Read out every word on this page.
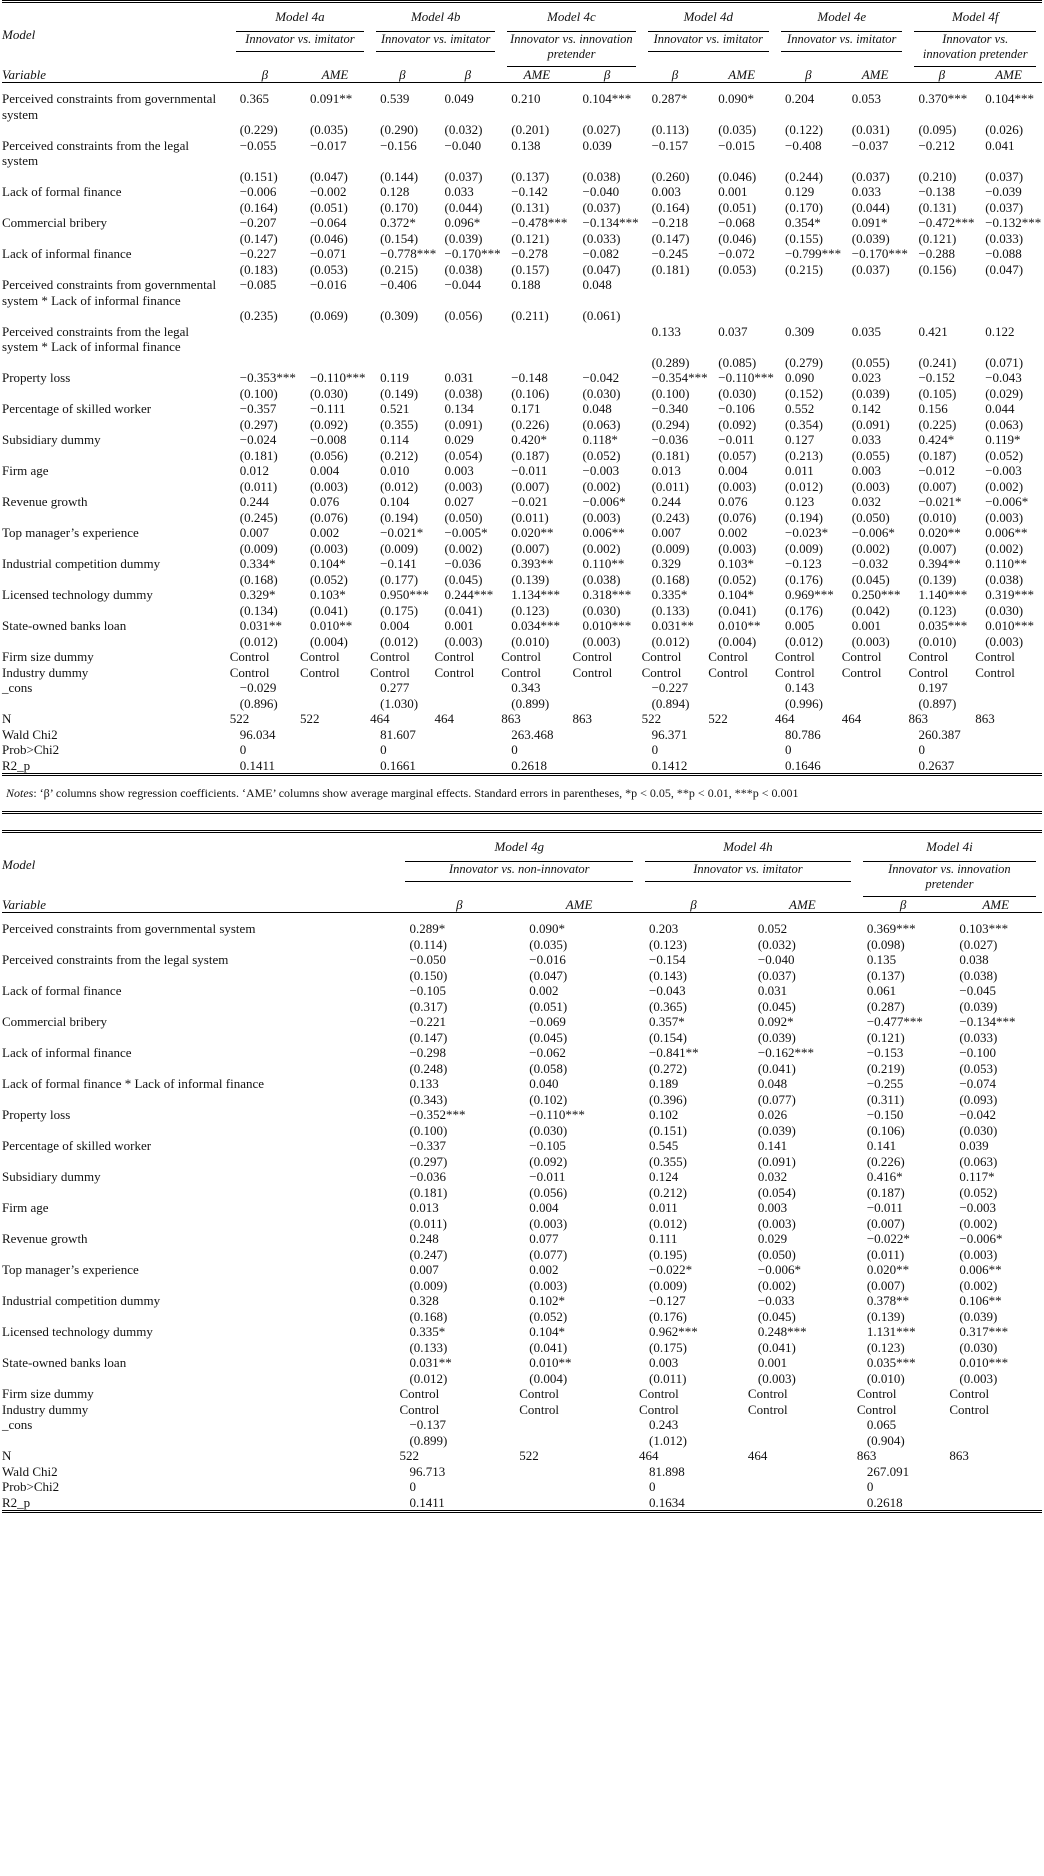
Model	Model 4a		Model 4b		Model 4c		Model 4d		Model 4e		Model 4f	

	Innovator vs. imitator		Innovator vs. imitator		Innovator vs. innovation pretender		Innovator vs. imitator		Innovator vs. imitator		Innovator vs. innovation pretender	

Variable	β	AME	β	β	AME	β	β	AME	β	AME	β	AME

Perceived constraints from governmental system	0.365	0.091**	0.539	0.049	0.210	0.104***	0.287*	0.090*	0.204	0.053	0.370***	0.104***
	(0.229)	(0.035)	(0.290)	(0.032)	(0.201)	(0.027)	(0.113)	(0.035)	(0.122)	(0.031)	(0.095)	(0.026)
Perceived constraints from the legal system	−0.055	−0.017	−0.156	−0.040	0.138	0.039	−0.157	−0.015	−0.408	−0.037	−0.212	0.041
	(0.151)	(0.047)	(0.144)	(0.037)	(0.137)	(0.038)	(0.260)	(0.046)	(0.244)	(0.037)	(0.210)	(0.037)
Lack of formal finance	−0.006	−0.002	0.128	0.033	−0.142	−0.040	0.003	0.001	0.129	0.033	−0.138	−0.039
	(0.164)	(0.051)	(0.170)	(0.044)	(0.131)	(0.037)	(0.164)	(0.051)	(0.170)	(0.044)	(0.131)	(0.037)
Commercial bribery	−0.207	−0.064	0.372*	0.096*	−0.478***	−0.134***	−0.218	−0.068	0.354*	0.091*	−0.472***	−0.132***
	(0.147)	(0.046)	(0.154)	(0.039)	(0.121)	(0.033)	(0.147)	(0.046)	(0.155)	(0.039)	(0.121)	(0.033)
Lack of informal finance	−0.227	−0.071	−0.778***	−0.170***	−0.278	−0.082	−0.245	−0.072	−0.799***	−0.170***	−0.288	−0.088
	(0.183)	(0.053)	(0.215)	(0.038)	(0.157)	(0.047)	(0.181)	(0.053)	(0.215)	(0.037)	(0.156)	(0.047)
Perceived constraints from governmental system * Lack of informal finance	−0.085	−0.016	−0.406	−0.044	0.188	0.048						
	(0.235)	(0.069)	(0.309)	(0.056)	(0.211)	(0.061)						
Perceived constraints from the legal system * Lack of informal finance							0.133	0.037	0.309	0.035	0.421	0.122
							(0.289)	(0.085)	(0.279)	(0.055)	(0.241)	(0.071)
Property loss	−0.353***	−0.110***	0.119	0.031	−0.148	−0.042	−0.354***	−0.110***	0.090	0.023	−0.152	−0.043
	(0.100)	(0.030)	(0.149)	(0.038)	(0.106)	(0.030)	(0.100)	(0.030)	(0.152)	(0.039)	(0.105)	(0.029)
Percentage of skilled worker	−0.357	−0.111	0.521	0.134	0.171	0.048	−0.340	−0.106	0.552	0.142	0.156	0.044
	(0.297)	(0.092)	(0.355)	(0.091)	(0.226)	(0.063)	(0.294)	(0.092)	(0.354)	(0.091)	(0.225)	(0.063)
Subsidiary dummy	−0.024	−0.008	0.114	0.029	0.420*	0.118*	−0.036	−0.011	0.127	0.033	0.424*	0.119*
	(0.181)	(0.056)	(0.212)	(0.054)	(0.187)	(0.052)	(0.181)	(0.057)	(0.213)	(0.055)	(0.187)	(0.052)
Firm age	0.012	0.004	0.010	0.003	−0.011	−0.003	0.013	0.004	0.011	0.003	−0.012	−0.003
	(0.011)	(0.003)	(0.012)	(0.003)	(0.007)	(0.002)	(0.011)	(0.003)	(0.012)	(0.003)	(0.007)	(0.002)
Revenue growth	0.244	0.076	0.104	0.027	−0.021	−0.006*	0.244	0.076	0.123	0.032	−0.021*	−0.006*
	(0.245)	(0.076)	(0.194)	(0.050)	(0.011)	(0.003)	(0.243)	(0.076)	(0.194)	(0.050)	(0.010)	(0.003)
Top manager’s experience	0.007	0.002	−0.021*	−0.005*	0.020**	0.006**	0.007	0.002	−0.023*	−0.006*	0.020**	0.006**
	(0.009)	(0.003)	(0.009)	(0.002)	(0.007)	(0.002)	(0.009)	(0.003)	(0.009)	(0.002)	(0.007)	(0.002)
Industrial competition dummy	0.334*	0.104*	−0.141	−0.036	0.393**	0.110**	0.329	0.103*	−0.123	−0.032	0.394**	0.110**
	(0.168)	(0.052)	(0.177)	(0.045)	(0.139)	(0.038)	(0.168)	(0.052)	(0.176)	(0.045)	(0.139)	(0.038)
Licensed technology dummy	0.329*	0.103*	0.950***	0.244***	1.134***	0.318***	0.335*	0.104*	0.969***	0.250***	1.140***	0.319***
	(0.134)	(0.041)	(0.175)	(0.041)	(0.123)	(0.030)	(0.133)	(0.041)	(0.176)	(0.042)	(0.123)	(0.030)
State-owned banks loan	0.031**	0.010**	0.004	0.001	0.034***	0.010***	0.031**	0.010**	0.005	0.001	0.035***	0.010***
	(0.012)	(0.004)	(0.012)	(0.003)	(0.010)	(0.003)	(0.012)	(0.004)	(0.012)	(0.003)	(0.010)	(0.003)
Firm size dummy	Control	Control	Control	Control	Control	Control	Control	Control	Control	Control	Control	Control
Industry dummy	Control	Control	Control	Control	Control	Control	Control	Control	Control	Control	Control	Control
_cons	−0.029		0.277		0.343		−0.227		0.143		0.197	
	(0.896)		(1.030)		(0.899)		(0.894)		(0.996)		(0.897)	
N	522	522	464	464	863	863	522	522	464	464	863	863
Wald Chi2	96.034		81.607		263.468		96.371		80.786		260.387	
Prob>Chi2	0		0		0		0		0		0	
R2_p	0.1411		0.1661		0.2618		0.1412		0.1646		0.2637	
Notes: ‘β’ columns show regression coefficients. ‘AME’ columns show average marginal effects. Standard errors in parentheses, *p < 0.05, **p < 0.01, ***p < 0.001
Model	Model 4g		Model 4h		Model 4i	

	Innovator vs. non-innovator		Innovator vs. imitator		Innovator vs. innovation pretender	

Variable	β	AME	β	AME	β	AME

Perceived constraints from governmental system	0.289*	0.090*	0.203	0.052	0.369***	0.103***
	(0.114)	(0.035)	(0.123)	(0.032)	(0.098)	(0.027)
Perceived constraints from the legal system	−0.050	−0.016	−0.154	−0.040	0.135	0.038
	(0.150)	(0.047)	(0.143)	(0.037)	(0.137)	(0.038)
Lack of formal finance	−0.105	0.002	−0.043	0.031	0.061	−0.045
	(0.317)	(0.051)	(0.365)	(0.045)	(0.287)	(0.039)
Commercial bribery	−0.221	−0.069	0.357*	0.092*	−0.477***	−0.134***
	(0.147)	(0.045)	(0.154)	(0.039)	(0.121)	(0.033)
Lack of informal finance	−0.298	−0.062	−0.841**	−0.162***	−0.153	−0.100
	(0.248)	(0.058)	(0.272)	(0.041)	(0.219)	(0.053)
Lack of formal finance * Lack of informal finance	0.133	0.040	0.189	0.048	−0.255	−0.074
	(0.343)	(0.102)	(0.396)	(0.077)	(0.311)	(0.093)
Property loss	−0.352***	−0.110***	0.102	0.026	−0.150	−0.042
	(0.100)	(0.030)	(0.151)	(0.039)	(0.106)	(0.030)
Percentage of skilled worker	−0.337	−0.105	0.545	0.141	0.141	0.039
	(0.297)	(0.092)	(0.355)	(0.091)	(0.226)	(0.063)
Subsidiary dummy	−0.036	−0.011	0.124	0.032	0.416*	0.117*
	(0.181)	(0.056)	(0.212)	(0.054)	(0.187)	(0.052)
Firm age	0.013	0.004	0.011	0.003	−0.011	−0.003
	(0.011)	(0.003)	(0.012)	(0.003)	(0.007)	(0.002)
Revenue growth	0.248	0.077	0.111	0.029	−0.022*	−0.006*
	(0.247)	(0.077)	(0.195)	(0.050)	(0.011)	(0.003)
Top manager’s experience	0.007	0.002	−0.022*	−0.006*	0.020**	0.006**
	(0.009)	(0.003)	(0.009)	(0.002)	(0.007)	(0.002)
Industrial competition dummy	0.328	0.102*	−0.127	−0.033	0.378**	0.106**
	(0.168)	(0.052)	(0.176)	(0.045)	(0.139)	(0.039)
Licensed technology dummy	0.335*	0.104*	0.962***	0.248***	1.131***	0.317***
	(0.133)	(0.041)	(0.175)	(0.041)	(0.123)	(0.030)
State-owned banks loan	0.031**	0.010**	0.003	0.001	0.035***	0.010***
	(0.012)	(0.004)	(0.011)	(0.003)	(0.010)	(0.003)
Firm size dummy	Control	Control	Control	Control	Control	Control
Industry dummy	Control	Control	Control	Control	Control	Control
_cons	−0.137		0.243		0.065	
	(0.899)		(1.012)		(0.904)	
N	522	522	464	464	863	863
Wald Chi2	96.713		81.898		267.091	
Prob>Chi2	0		0		0	
R2_p	0.1411		0.1634		0.2618	
